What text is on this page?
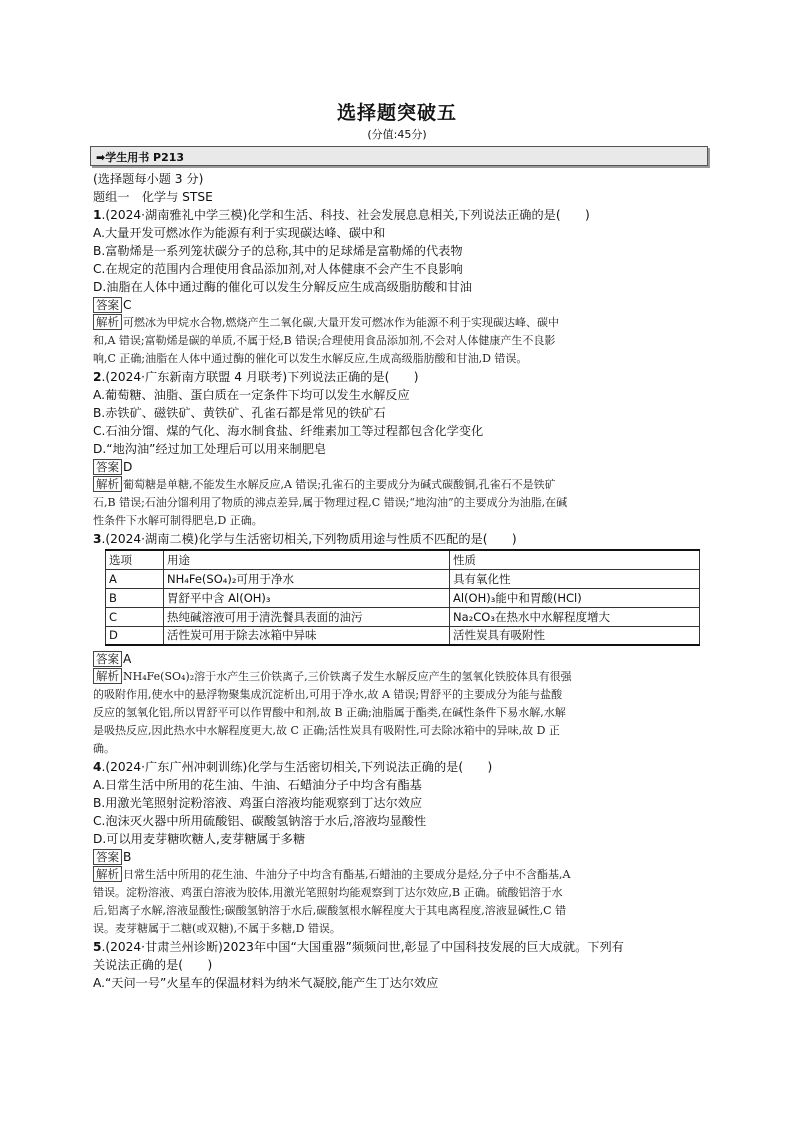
选择题突破五
(分值:45分)
➡学生用书 P213
(选择题每小题 3 分)
题组一　化学与 STSE
1.(2024·湖南雅礼中学三模)化学和生活、科技、社会发展息息相关,下列说法正确的是(　　)
A.大量开发可燃冰作为能源有利于实现碳达峰、碳中和
B.富勒烯是一系列笼状碳分子的总称,其中的足球烯是富勒烯的代表物
C.在规定的范围内合理使用食品添加剂,对人体健康不会产生不良影响
D.油脂在人体中通过酶的催化可以发生分解反应生成高级脂肪酸和甘油
答案 C
解析 可燃冰为甲烷水合物,燃烧产生二氧化碳,大量开发可燃冰作为能源不利于实现碳达峰、碳中
和,A 错误;富勒烯是碳的单质,不属于烃,B 错误;合理使用食品添加剂,不会对人体健康产生不良影
响,C 正确;油脂在人体中通过酶的催化可以发生水解反应,生成高级脂肪酸和甘油,D 错误。
2.(2024·广东新南方联盟 4 月联考)下列说法正确的是(　　)
A.葡萄糖、油脂、蛋白质在一定条件下均可以发生水解反应
B.赤铁矿、磁铁矿、黄铁矿、孔雀石都是常见的铁矿石
C.石油分馏、煤的气化、海水制食盐、纤维素加工等过程都包含化学变化
D.“地沟油”经过加工处理后可以用来制肥皂
答案 D
解析 葡萄糖是单糖,不能发生水解反应,A 错误;孔雀石的主要成分为碱式碳酸铜,孔雀石不是铁矿
石,B 错误;石油分馏利用了物质的沸点差异,属于物理过程,C 错误;“地沟油”的主要成分为油脂,在碱
性条件下水解可制得肥皂,D 正确。
3.(2024·湖南二模)化学与生活密切相关,下列物质用途与性质不匹配的是(　　)
选项	用途	性质
A	NH₄Fe(SO₄)₂可用于净水	具有氧化性
B	胃舒平中含 Al(OH)₃	Al(OH)₃能中和胃酸(HCl)
C	热纯碱溶液可用于清洗餐具表面的油污	Na₂CO₃在热水中水解程度增大
D	活性炭可用于除去冰箱中异味	活性炭具有吸附性
答案 A
解析 NH₄Fe(SO₄)₂溶于水产生三价铁离子,三价铁离子发生水解反应产生的氢氧化铁胶体具有很强
的吸附作用,使水中的悬浮物聚集成沉淀析出,可用于净水,故 A 错误;胃舒平的主要成分为能与盐酸
反应的氢氧化铝,所以胃舒平可以作胃酸中和剂,故 B 正确;油脂属于酯类,在碱性条件下易水解,水解
是吸热反应,因此热水中水解程度更大,故 C 正确;活性炭具有吸附性,可去除冰箱中的异味,故 D 正
确。
4.(2024·广东广州冲刺训练)化学与生活密切相关,下列说法正确的是(　　)
A.日常生活中所用的花生油、牛油、石蜡油分子中均含有酯基
B.用激光笔照射淀粉溶液、鸡蛋白溶液均能观察到丁达尔效应
C.泡沫灭火器中所用硫酸铝、碳酸氢钠溶于水后,溶液均显酸性
D.可以用麦芽糖吹糖人,麦芽糖属于多糖
答案 B
解析 日常生活中所用的花生油、牛油分子中均含有酯基,石蜡油的主要成分是烃,分子中不含酯基,A
错误。淀粉溶液、鸡蛋白溶液为胶体,用激光笔照射均能观察到丁达尔效应,B 正确。硫酸铝溶于水
后,铝离子水解,溶液显酸性;碳酸氢钠溶于水后,碳酸氢根水解程度大于其电离程度,溶液显碱性,C 错
误。麦芽糖属于二糖(或双糖),不属于多糖,D 错误。
5.(2024·甘肃兰州诊断)2023年中国“大国重器”频频问世,彰显了中国科技发展的巨大成就。下列有
关说法正确的是(　　)
A.“天问一号”火星车的保温材料为纳米气凝胶,能产生丁达尔效应
